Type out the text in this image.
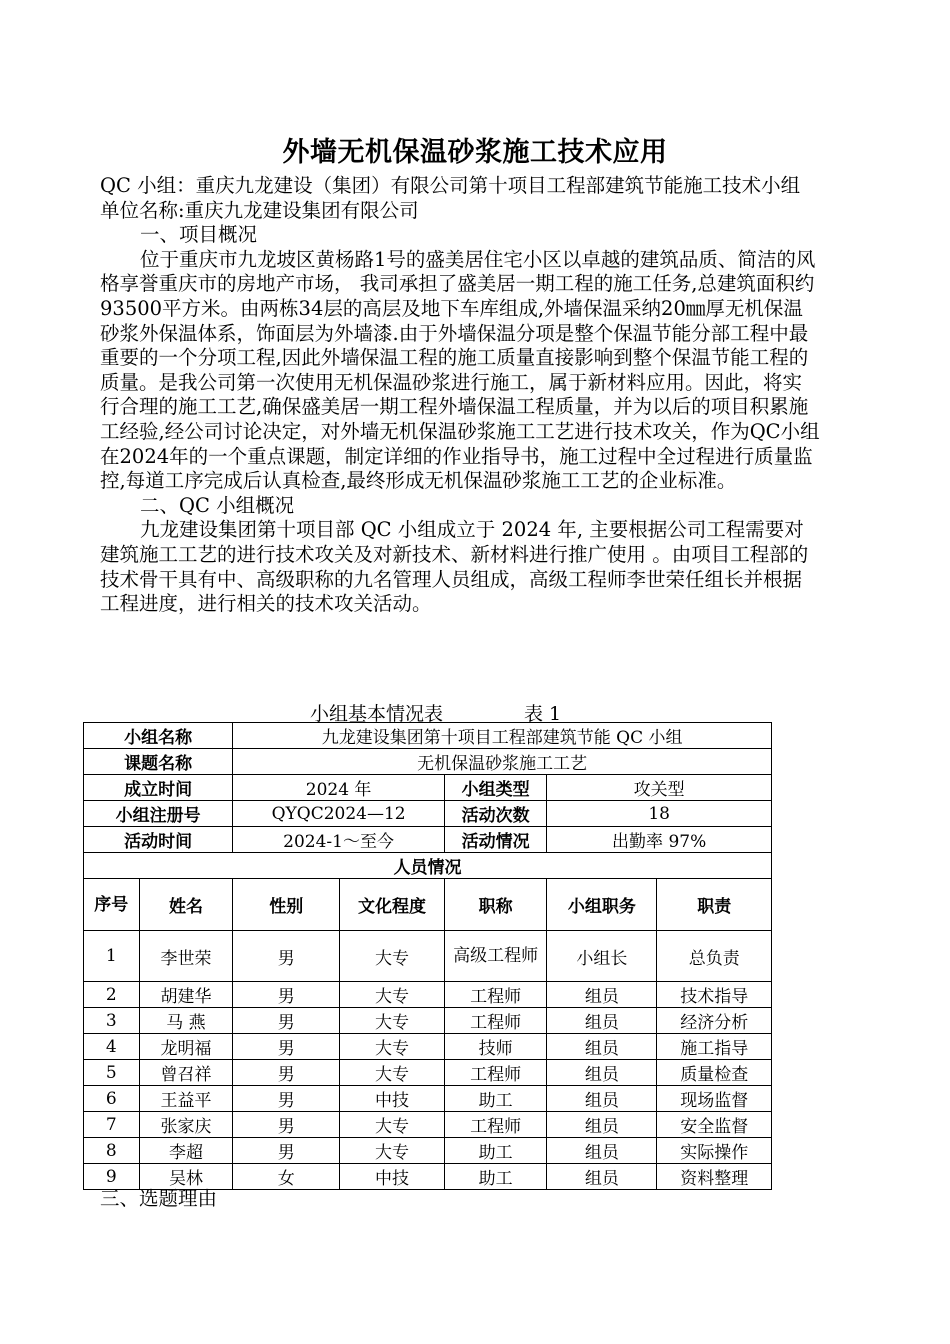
外墙无机保温砂浆施工技术应用

QC 小组：重庆九龙建设（集团）有限公司第十项目工程部建筑节能施工技术小组

单位名称:重庆九龙建设集团有限公司

一、项目概况

位于重庆市九龙坡区黄杨路1号的盛美居住宅小区以卓越的建筑品质、简洁的风格享誉重庆市的房地产市场， 我司承担了盛美居一期工程的施工任务,总建筑面积约93500平方米。由两栋34层的高层及地下车库组成,外墙保温采纳20㎜厚无机保温砂浆外保温体系，饰面层为外墙漆.由于外墙保温分项是整个保温节能分部工程中最重要的一个分项工程,因此外墙保温工程的施工质量直接影响到整个保温节能工程的质量。是我公司第一次使用无机保温砂浆进行施工，属于新材料应用。因此，将实行合理的施工工艺,确保盛美居一期工程外墙保温工程质量，并为以后的项目积累施工经验,经公司讨论决定，对外墙无机保温砂浆施工工艺进行技术攻关，作为QC小组在2024年的一个重点课题，制定详细的作业指导书，施工过程中全过程进行质量监控,每道工序完成后认真检查,最终形成无机保温砂浆施工工艺的企业标准。

二、QC 小组概况

九龙建设集团第十项目部 QC 小组成立于 2024 年, 主要根据公司工程需要对建筑施工工艺的进行技术攻关及对新技术、新材料进行推广使用 。由项目工程部的技术骨干具有中、高级职称的九名管理人员组成，高级工程师李世荣任组长并根据工程进度，进行相关的技术攻关活动。

小组基本情况表	表 1
小组名称		九龙建设集团第十项目工程部建筑节能 QC 小组				
课题名称		无机保温砂浆施工工艺				
成立时间		2024 年		小组类型	攻关型	
小组注册号		QYQC2024—12		活动次数	18	
活动时间		2024-1～至今		活动情况	出勤率 97%	
人员情况						
序号	姓名	性别	文化程度	职称	小组职务	职责
1	李世荣	男	大专	高级工程师	小组长	总负责
2	胡建华	男	大专	工程师	组员	技术指导
3	马 燕	男	大专	工程师	组员	经济分析
4	龙明福	男	大专	技师	组员	施工指导
5	曾召祥	男	大专	工程师	组员	质量检查
6	王益平	男	中技	助工	组员	现场监督
7	张家庆	男	大专	工程师	组员	安全监督
8	李超	男	大专	助工	组员	实际操作
9	吴林	女	中技	助工	组员	资料整理
三、选题理由
